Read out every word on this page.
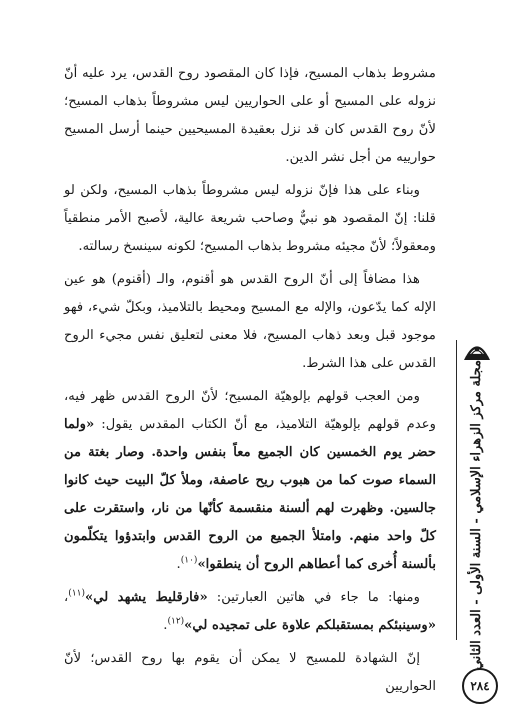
مشروط بذهاب المسيح، فإذا كان المقصود روح القدس، يرد عليه أنّ نزوله على المسيح أو على الحواريين ليس مشروطاً بذهاب المسيح؛ لأنّ روح القدس كان قد نزل بعقيدة المسيحيين حينما أرسل المسيح حوارييه من أجل نشر الدين.

وبناء على هذا فإنّ نزوله ليس مشروطاً بذهاب المسيح، ولكن لو قلنا: إنّ المقصود هو نبيٌّ وصاحب شريعة عالية، لأصبح الأمر منطقياً ومعقولاً؛ لأنّ مجيئه مشروط بذهاب المسيح؛ لكونه سينسخ رسالته.

هذا مضافاً إلى أنّ الروح القدس هو أقنوم، والـ (أقنوم) هو عين الإله كما يدّعون، والإله مع المسيح ومحيط بالتلاميذ، وبكلّ شيء، فهو موجود قبل وبعد ذهاب المسيح، فلا معنى لتعليق نفس مجيء الروح القدس على هذا الشرط.

ومن العجب قولهم بإلوهيّة المسيح؛ لأنّ الروح القدس ظهر فيه، وعدم قولهم بإلوهيّة التلاميذ، مع أنّ الكتاب المقدس يقول: «ولما حضر يوم الخمسين كان الجميع معاً بنفس واحدة. وصار بغتة من السماء صوت كما من هبوب ريح عاصفة، وملأ كلّ البيت حيث كانوا جالسين. وظهرت لهم ألسنة منقسمة كأنّها من نار، واستقرت على كلّ واحد منهم. وامتلأ الجميع من الروح القدس وابتدؤوا يتكلّمون بألسنة أُخرى كما أعطاهم الروح أن ينطقوا»$^{(١٠)}$.

ومنها: ما جاء في هاتين العبارتين: «فارقليط يشهد لي»$^{(١١)}$، «وسينبئكم بمستقبلكم علاوة على تمجيده لي»$^{(١٢)}$.

إنّ الشهادة للمسيح لا يمكن أن يقوم بها روح القدس؛ لأنّ الحواريين

مجلة مركز الزهراء الإسلامي - السنة الأولى - العدد الثاني
٢٨٤
